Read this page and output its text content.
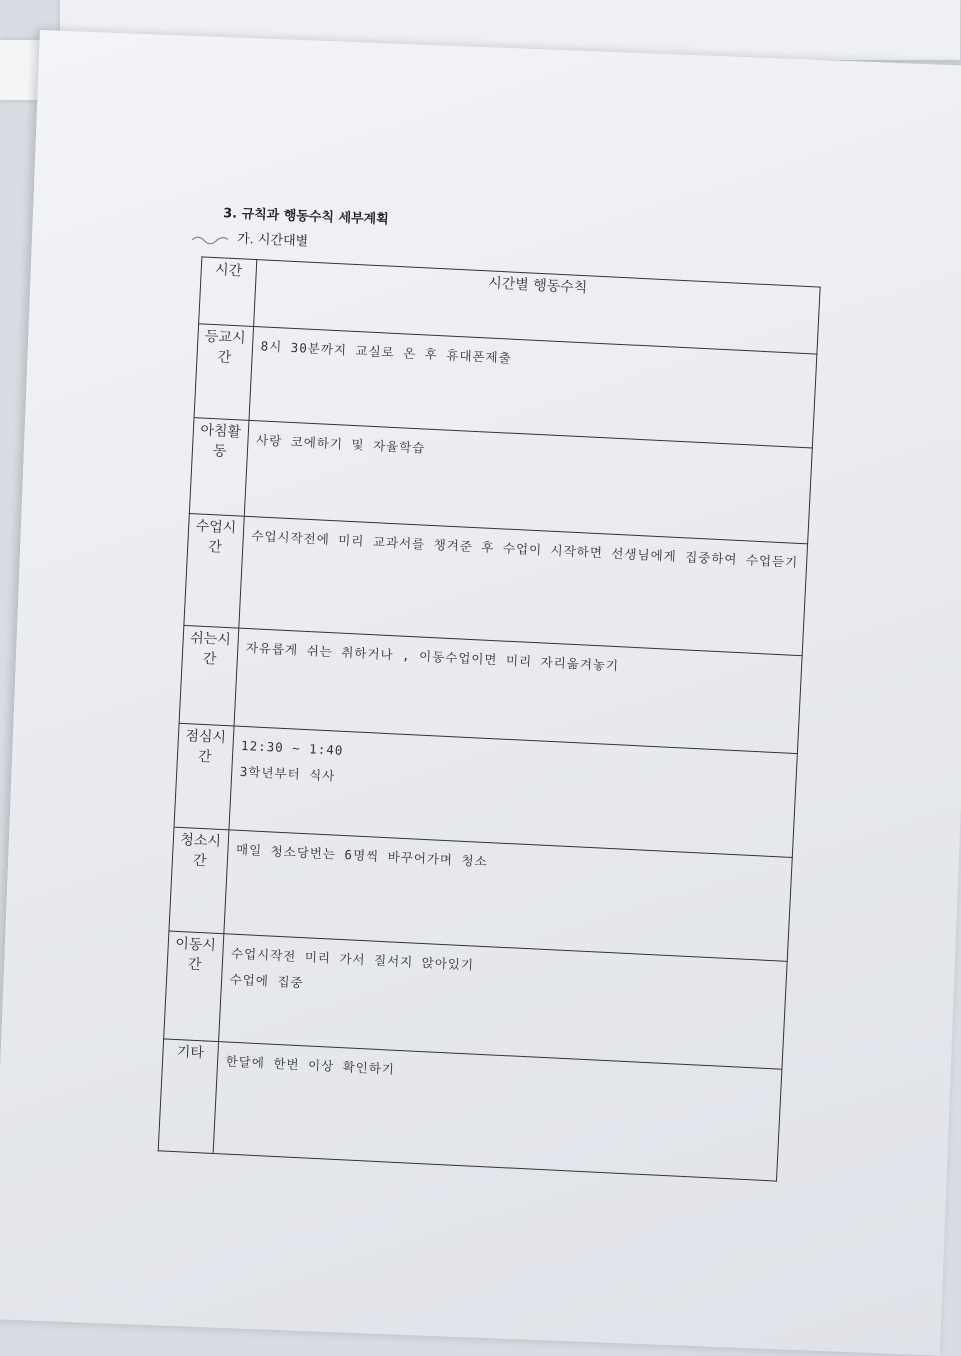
3. 규칙과 행동수칙 세부계획
가. 시간대별
시간	시간별 행동수칙
등교시간	8시 30분까지 교실로 온 후 휴대폰제출

아침활동	사랑 코에하기 및 자율학습

수업시간	수업시작전에 미리 교과서를 챙겨준 후 수업이 시작하면 선생님에게 집중하여 수업듣기

쉬는시간	자유롭게 쉬는 취하거나 , 이동수업이면 미리 자리옮겨놓기

점심시간	12:30 ~ 1:40
3학년부터 식사

청소시간	매일 청소당번는 6명씩 바꾸어가며 청소

이동시간	수업시작전 미리 가서 질서지 앉아있기
수업에 집중

기타	한달에 한번 이상 확인하기
